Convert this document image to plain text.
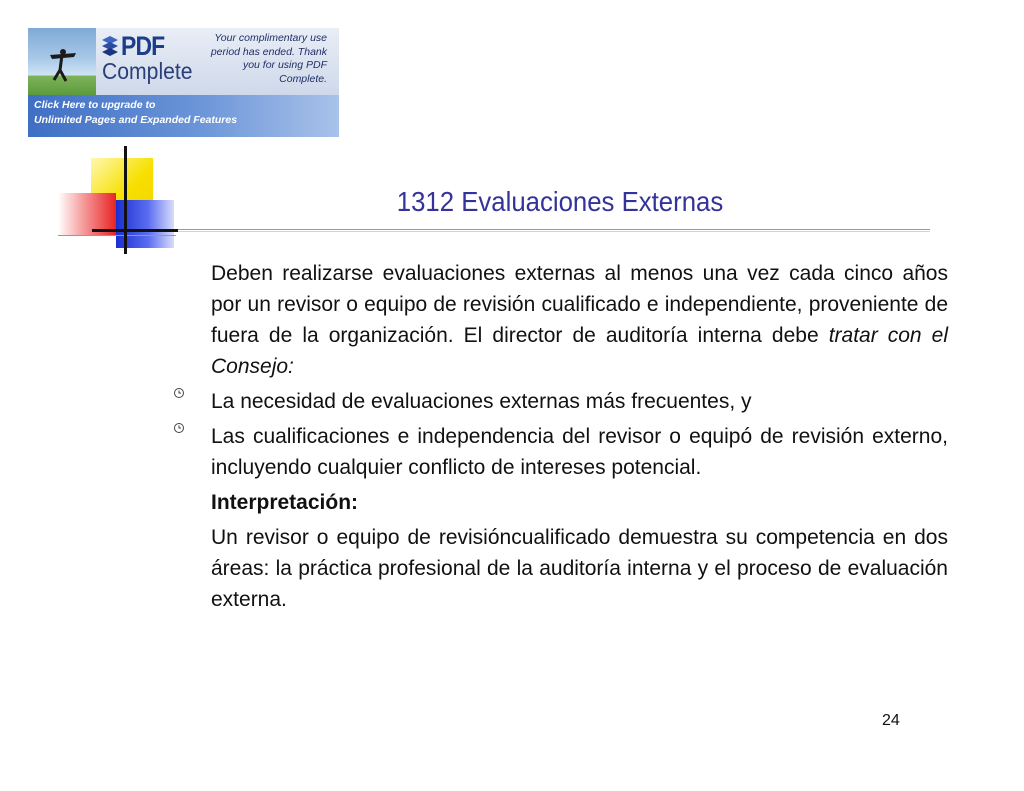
PDF
Complete
Your complimentary use period has ended. Thank you for using PDF Complete.
Click Here to upgrade to
Unlimited Pages and Expanded Features
1312 Evaluaciones Externas

Deben realizarse evaluaciones externas al menos una vez cada cinco años por un revisor o equipo de revisión cualificado e independiente, proveniente de fuera de la organización. El director de auditoría interna debe tratar con el Consejo:

La necesidad de evaluaciones externas más frecuentes, y
Las cualificaciones e independencia del revisor o equipó de revisión externo, incluyendo cualquier conflicto de intereses potencial.

Interpretación:

Un revisor o equipo de revisióncualificado demuestra su competencia en dos áreas: la práctica profesional de la auditoría interna y el proceso de evaluación externa.

24
